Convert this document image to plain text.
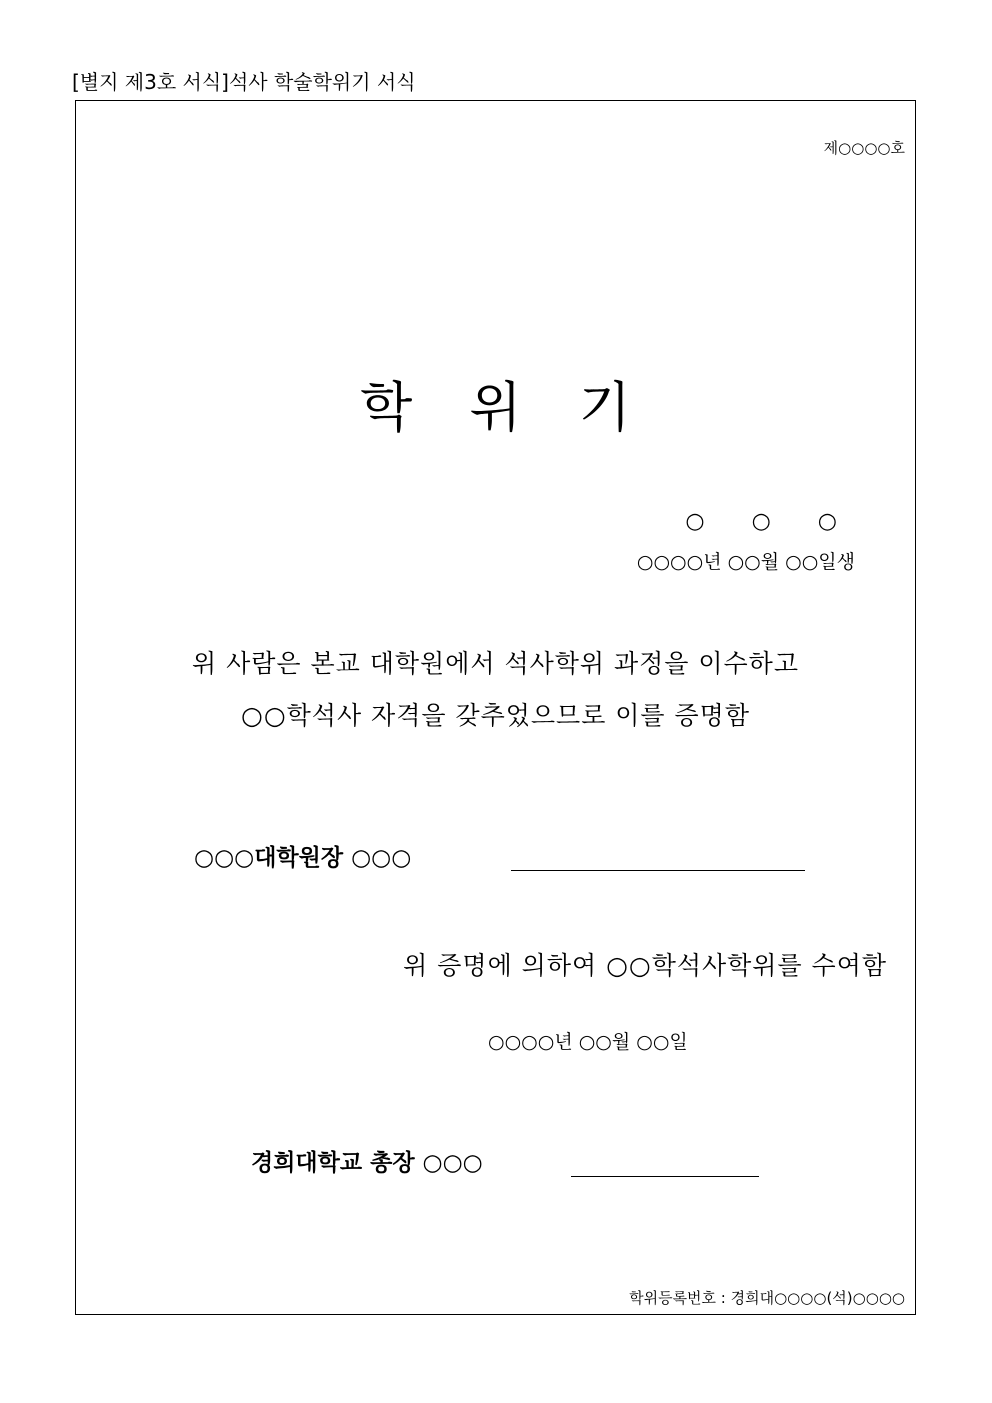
[별지 제3호 서식]석사 학술학위기 서식
제○○○○호
학 위 기
○ ○ ○
○○○○년 ○○월 ○○일생
위 사람은 본교 대학원에서 석사학위 과정을 이수하고
○○학석사 자격을 갖추었으므로 이를 증명함
○○○대학원장 ○○○
위 증명에 의하여 ○○학석사학위를 수여함
○○○○년 ○○월 ○○일
경희대학교 총장 ○○○
학위등록번호 : 경희대○○○○(석)○○○○
